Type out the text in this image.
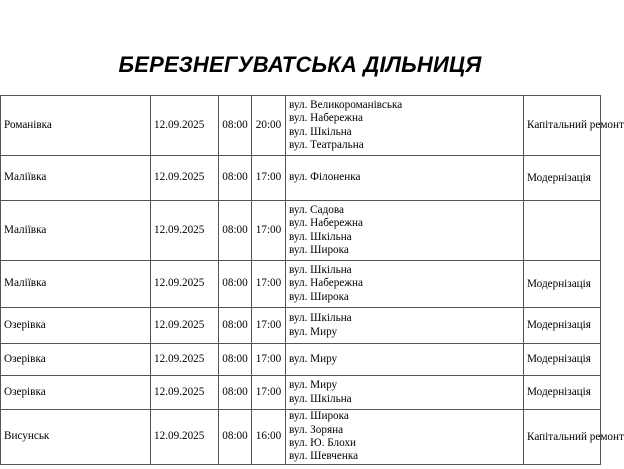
БЕРЕЗНЕГУВАТСЬКА ДІЛЬНИЦЯ
Романівка	12.09.2025	08:00	20:00	вул. Великороманівська
вул. Набережна
вул. Шкільна
вул. Театральна	Капітальний ремонт
Маліївка	12.09.2025	08:00	17:00	вул. Філоненка	Модернізація
Маліївка	12.09.2025	08:00	17:00	вул. Садова
вул. Набережна
вул. Шкільна
вул. Широка	

Маліївка	12.09.2025	08:00	17:00	вул. Шкільна
вул. Набережна
вул. Широка	Модернізація
Озерівка	12.09.2025	08:00	17:00	вул. Шкільна
вул. Миру	Модернізація
Озерівка	12.09.2025	08:00	17:00	вул. Миру	Модернізація
Озерівка	12.09.2025	08:00	17:00	вул. Миру
вул. Шкільна	Модернізація
Висунськ	12.09.2025	08:00	16:00	вул. Широка
вул. Зоряна
вул. Ю. Блохи
вул. Шевченка	Капітальний ремонт
